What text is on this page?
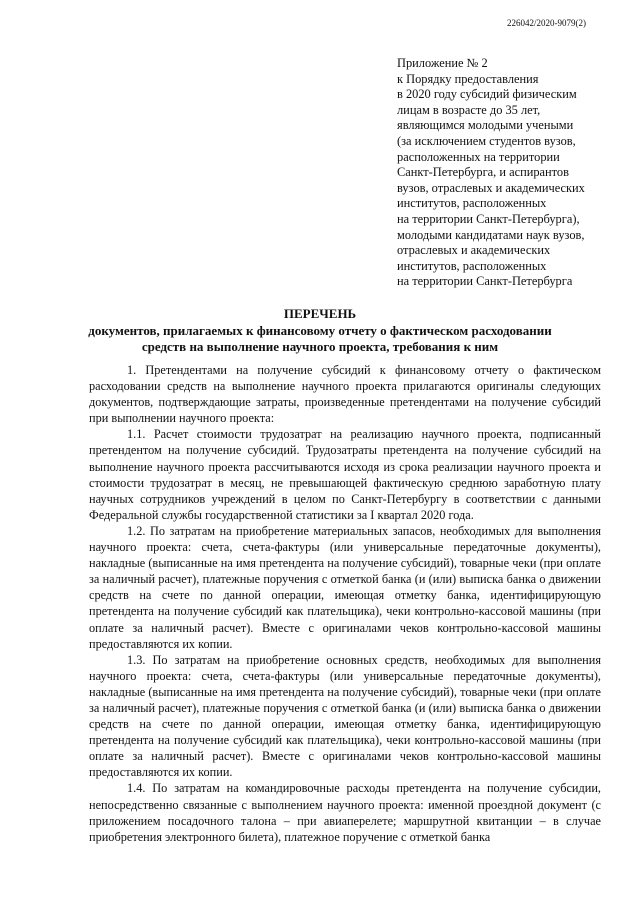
226042/2020-9079(2)
Приложение № 2
к Порядку предоставления
в 2020 году субсидий физическим
лицам в возрасте до 35 лет,
являющимся молодыми учеными
(за исключением студентов вузов,
расположенных на территории
Санкт-Петербурга, и аспирантов
вузов, отраслевых и академических
институтов, расположенных
на территории Санкт-Петербурга),
молодыми кандидатами наук вузов,
отраслевых и академических
институтов, расположенных
на территории Санкт-Петербурга
ПЕРЕЧЕНЬ
документов, прилагаемых к финансовому отчету о фактическом расходовании
средств на выполнение научного проекта, требования к ним

1. Претендентами на получение субсидий к финансовому отчету о фактическом расходовании средств на выполнение научного проекта прилагаются оригиналы следующих документов, подтверждающие затраты, произведенные претендентами на получение субсидий при выполнении научного проекта:

1.1. Расчет стоимости трудозатрат на реализацию научного проекта, подписанный претендентом на получение субсидий. Трудозатраты претендента на получение субсидий на выполнение научного проекта рассчитываются исходя из срока реализации научного проекта и стоимости трудозатрат в месяц, не превышающей фактическую среднюю заработную плату научных сотрудников учреждений в целом по Санкт-Петербургу в соответствии с данными Федеральной службы государственной статистики за I квартал 2020 года.

1.2. По затратам на приобретение материальных запасов, необходимых для выполнения научного проекта: счета, счета-фактуры (или универсальные передаточные документы), накладные (выписанные на имя претендента на получение субсидий), товарные чеки (при оплате за наличный расчет), платежные поручения с отметкой банка (и (или) выписка банка о движении средств на счете по данной операции, имеющая отметку банка, идентифицирующую претендента на получение субсидий как плательщика), чеки контрольно-кассовой машины (при оплате за наличный расчет). Вместе с оригиналами чеков контрольно-кассовой машины предоставляются их копии.

1.3. По затратам на приобретение основных средств, необходимых для выполнения научного проекта: счета, счета-фактуры (или универсальные передаточные документы), накладные (выписанные на имя претендента на получение субсидий), товарные чеки (при оплате за наличный расчет), платежные поручения с отметкой банка (и (или) выписка банка о движении средств на счете по данной операции, имеющая отметку банка, идентифицирующую претендента на получение субсидий как плательщика), чеки контрольно-кассовой машины (при оплате за наличный расчет). Вместе с оригиналами чеков контрольно-кассовой машины предоставляются их копии.

1.4. По затратам на командировочные расходы претендента на получение субсидии, непосредственно связанные с выполнением научного проекта: именной проездной документ (с приложением посадочного талона – при авиаперелете; маршрутной квитанции – в случае приобретения электронного билета), платежное поручение с отметкой банка
